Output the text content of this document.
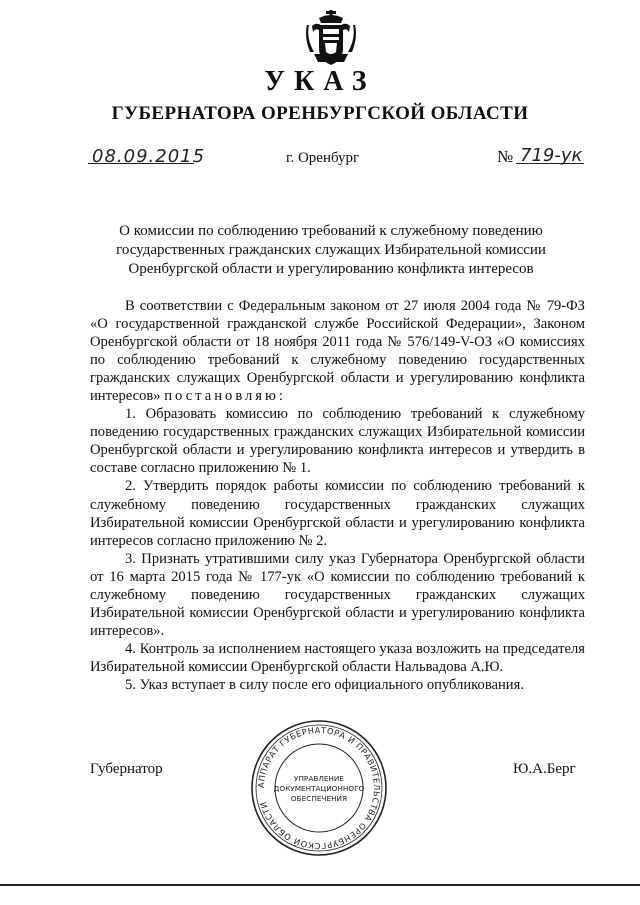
УКАЗ
ГУБЕРНАТОРА ОРЕНБУРГСКОЙ ОБЛАСТИ
08.09.2015	г. Оренбург	№ 719-ук
О комиссии по соблюдению требований к служебному поведению государственных гражданских служащих Избирательной комиссии Оренбургской области и урегулированию конфликта интересов

В соответствии с Федеральным законом от 27 июля 2004 года № 79-ФЗ «О государственной гражданской службе Российской Федерации», Законом Оренбургской области от 18 ноября 2011 года № 576/149-V-ОЗ «О комиссиях по соблюдению требований к служебному поведению государственных гражданских служащих Оренбургской области и урегулированию конфликта интересов» постановляю:

1. Образовать комиссию по соблюдению требований к служебному поведению государственных гражданских служащих Избирательной комиссии Оренбургской области и урегулированию конфликта интересов и утвердить в составе согласно приложению № 1.

2. Утвердить порядок работы комиссии по соблюдению требований к служебному поведению государственных гражданских служащих Избирательной комиссии Оренбургской области и урегулированию конфликта интересов согласно приложению № 2.

3. Признать утратившими силу указ Губернатора Оренбургской области от 16 марта 2015 года № 177-ук «О комиссии по соблюдению требований к служебному поведению государственных гражданских служащих Избирательной комиссии Оренбургской области и урегулированию конфликта интересов».

4. Контроль за исполнением настоящего указа возложить на председателя Избирательной комиссии Оренбургской области Нальвадова А.Ю.

5. Указ вступает в силу после его официального опубликования.

Губернатор	Ю.А.Берг
АППАРАТ ГУБЕРНАТОРА И ПРАВИТЕЛЬСТВА ОРЕНБУРГСКОЙ ОБЛАСТИ
УПРАВЛЕНИЕ
ДОКУМЕНТАЦИОННОГО
ОБЕСПЕЧЕНИЯ
